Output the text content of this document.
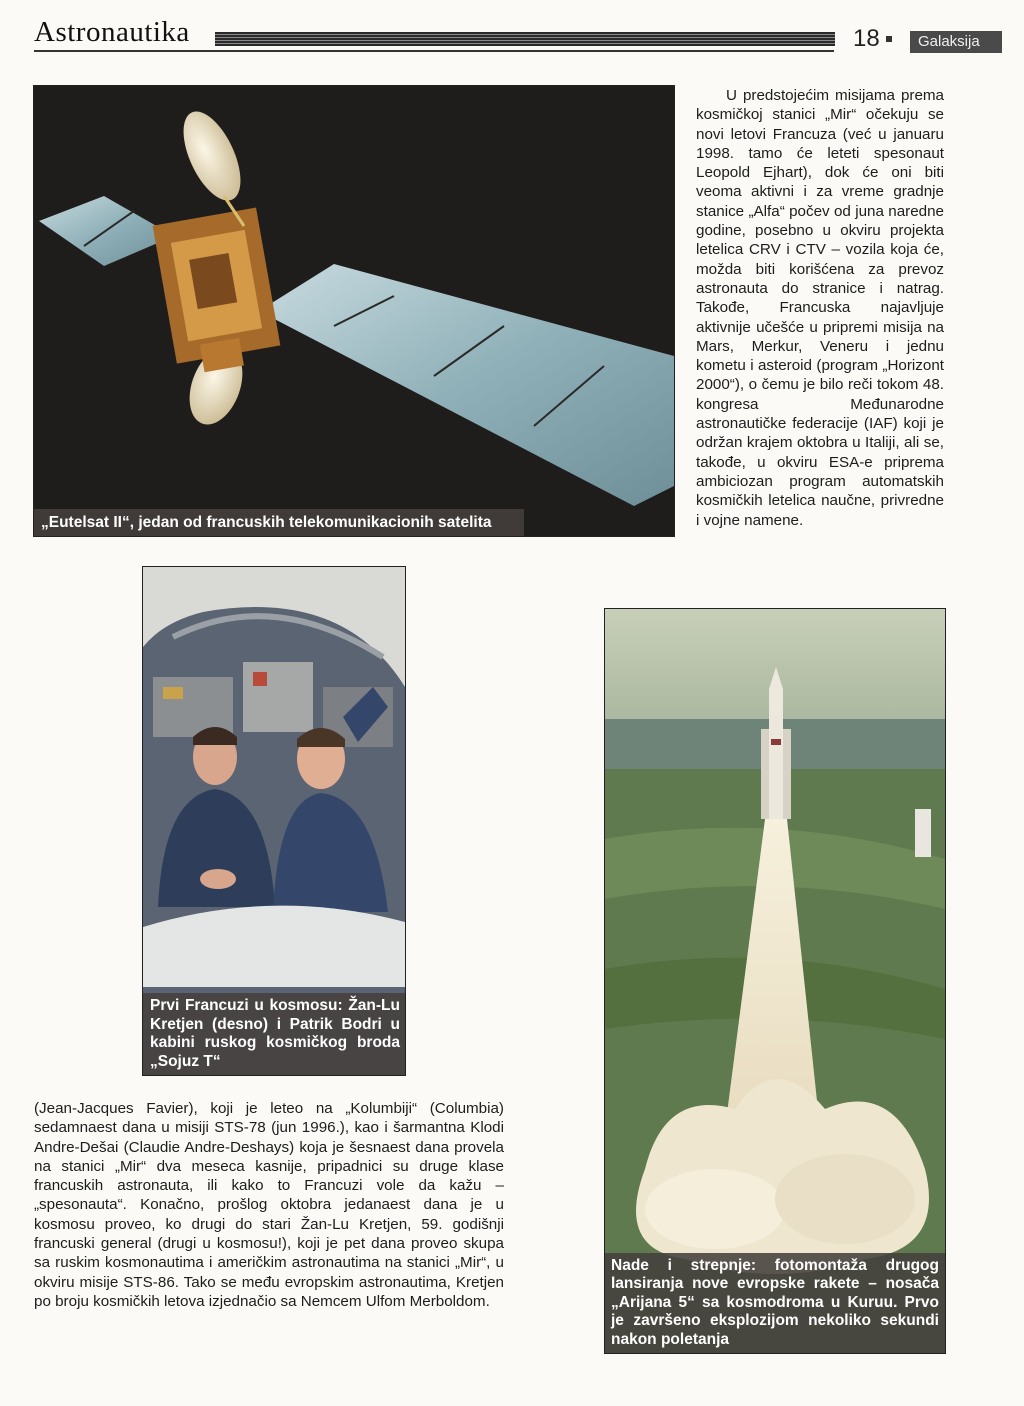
Astronautika	18	Galaksija
„Eutelsat II“, jedan od francuskih telekomunikacionih satelita
U predstojećim misijama prema kosmičkoj stanici „Mir“ očekuju se novi letovi Francuza (već u januaru 1998. tamo će leteti spesonaut Leopold Ejhart), dok će oni biti veoma aktivni i za vreme gradnje stanice „Alfa“ počev od juna naredne godine, posebno u okviru projekta letelica CRV i CTV – vozila koja će, možda biti korišćena za prevoz astronauta do stranice i natrag. Takođe, Francuska najavljuje aktivnije učešće u pripremi misija na Mars, Merkur, Veneru i jednu kometu i asteroid (program „Horizont 2000“), o čemu je bilo reči tokom 48. kongresa Međunarodne astronautičke federacije (IAF) koji je održan krajem oktobra u Italiji, ali se, takođe, u okviru ESA-e priprema ambiciozan program automatskih kosmičkih letelica naučne, privredne i vojne namene.
Prvi Francuzi u kosmosu: Žan-Lu Kretjen (desno) i Patrik Bodri u kabini ruskog kosmičkog broda „Sojuz T“
Nade i strepnje: fotomontaža drugog lansiranja nove evropske rakete – nosača „Arijana 5“ sa kosmodroma u Kuruu. Prvo je završeno eksplozijom nekoliko sekundi nakon poletanja
(Jean-Jacques Favier), koji je leteo na „Kolumbiji“ (Columbia) sedamnaest dana u misiji STS-78 (jun 1996.), kao i šarmantna Klodi Andre-Dešai (Claudie Andre-Deshays) koja je šesnaest dana provela na stanici „Mir“ dva meseca kasnije, pripadnici su druge klase francuskih astronauta, ili kako to Francuzi vole da kažu – „spesonauta“. Konačno, prošlog oktobra jedanaest dana je u kosmosu proveo, ko drugi do stari Žan-Lu Kretjen, 59. godišnji francuski general (drugi u kosmosu!), koji je pet dana proveo skupa sa ruskim kosmonautima i američkim astronautima na stanici „Mir“, u okviru misije STS-86. Tako se među evropskim astronautima, Kretjen po broju kosmičkih letova izjednačio sa Nemcem Ulfom Merboldom.
